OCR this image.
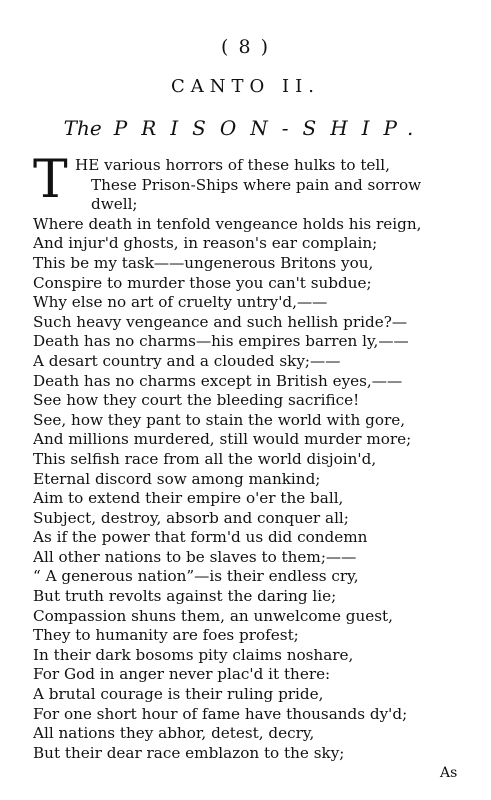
( 8 )
CANTO II.
The PRISON-SHIP.
T HE various horrors of these hulks to tell,
These Prison-Ships where pain and sorrow
dwell;
Where death in tenfold vengeance holds his reign,
And injur'd ghosts, in reason's ear complain;
This be my task——ungenerous Britons you,
Conspire to murder those you can't subdue;
Why else no art of cruelty untry'd,——
Such heavy vengeance and such hellish pride?—
Death has no charms—his empires barren ly,——
A desart country and a clouded sky;——
Death has no charms except in British eyes,——
See how they court the bleeding sacrifice!
See, how they pant to stain the world with gore,
And millions murdered, still would murder more;
This selfish race from all the world disjoin'd,
Eternal discord sow among mankind;
Aim to extend their empire o'er the ball,
Subject, destroy, absorb and conquer all;
As if the power that form'd us did condemn
All other nations to be slaves to them;——
“ A generous nation”—is their endless cry,
But truth revolts against the daring lie;
Compassion shuns them, an unwelcome guest,
They to humanity are foes profest;
In their dark bosoms pity claims noshare,
For God in anger never plac'd it there:
A brutal courage is their ruling pride,
For one short hour of fame have thousands dy'd;
All nations they abhor, detest, decry,
But their dear race emblazon to the sky;
As
